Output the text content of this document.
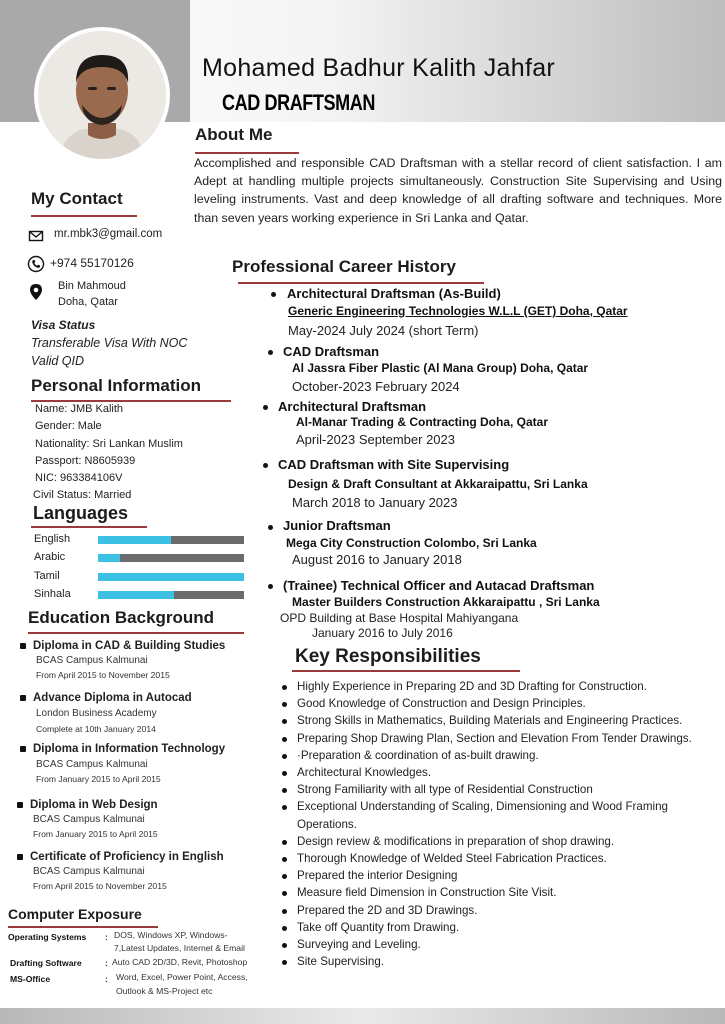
Mohamed Badhur Kalith Jahfar
CAD DRAFTSMAN
About Me
Accomplished and responsible CAD Draftsman with a stellar record of client satisfaction. I am Adept at handling multiple projects simultaneously. Construction Site Supervising and Using leveling instruments. Vast and deep knowledge of all drafting software and techniques. More than seven years working experience in Sri Lanka and Qatar.
My Contact
mr.mbk3@gmail.com
+974 55170126
Bin Mahmoud
Doha, Qatar
Visa Status
Transferable Visa With NOC
Valid QID
Personal Information
Name: JMB Kalith
Gender: Male
Nationality: Sri Lankan Muslim
Passport: N8605939
NIC: 963384106V
Civil Status: Married
Languages
English
Arabic
Tamil
Sinhala
Education Background
Diploma in CAD & Building Studies
BCAS Campus Kalmunai
From April 2015 to November 2015
Advance Diploma in Autocad
London Business Academy
Complete at 10th January 2014
Diploma in Information Technology
BCAS Campus Kalmunai
From January 2015 to April 2015
Diploma in Web Design
BCAS Campus Kalmunai
From January 2015 to April 2015
Certificate of Proficiency in English
BCAS Campus Kalmunai
From April 2015 to November 2015
Computer Exposure
Operating Systems : DOS, Windows XP, Windows-
7,Latest Updates, Internet & Email
Drafting Software	: Auto CAD 2D/3D, Revit, Photoshop
MS-Office	: Word, Excel, Power Point, Access,
Outlook & MS-Project etc
Professional Career History
Architectural Draftsman (As-Build)
Generic Engineering Technologies W.L.L (GET) Doha, Qatar
May-2024 July 2024 (short Term)
CAD Draftsman
Al Jassra Fiber Plastic (Al Mana Group) Doha, Qatar
October-2023 February 2024
Architectural Draftsman
Al-Manar Trading & Contracting Doha, Qatar
April-2023 September 2023
CAD Draftsman with Site Supervising
Design & Draft Consultant at Akkaraipattu, Sri Lanka
March 2018 to January 2023
Junior Draftsman
Mega City Construction Colombo, Sri Lanka
August 2016 to January 2018
(Trainee) Technical Officer and Autacad Draftsman
Master Builders Construction Akkaraipattu , Sri Lanka
OPD Building at Base Hospital Mahiyangana
January 2016 to July 2016
Key Responsibilities
Highly Experience in Preparing 2D and 3D Drafting for Construction.
Good Knowledge of Construction and Design Principles.
Strong Skills in Mathematics, Building Materials and Engineering Practices.
Preparing Shop Drawing Plan, Section and Elevation From Tender Drawings.
·Preparation & coordination of as-built drawing.
Architectural Knowledges.
Strong Familiarity with all type of Residential Construction
Exceptional Understanding of Scaling, Dimensioning and Wood Framing Operations.
Design review & modifications in preparation of shop drawing.
Thorough Knowledge of Welded Steel Fabrication Practices.
Prepared the interior Designing
Measure field Dimension in Construction Site Visit.
Prepared the 2D and 3D Drawings.
Take off Quantity from Drawing.
Surveying and Leveling.
Site Supervising.
